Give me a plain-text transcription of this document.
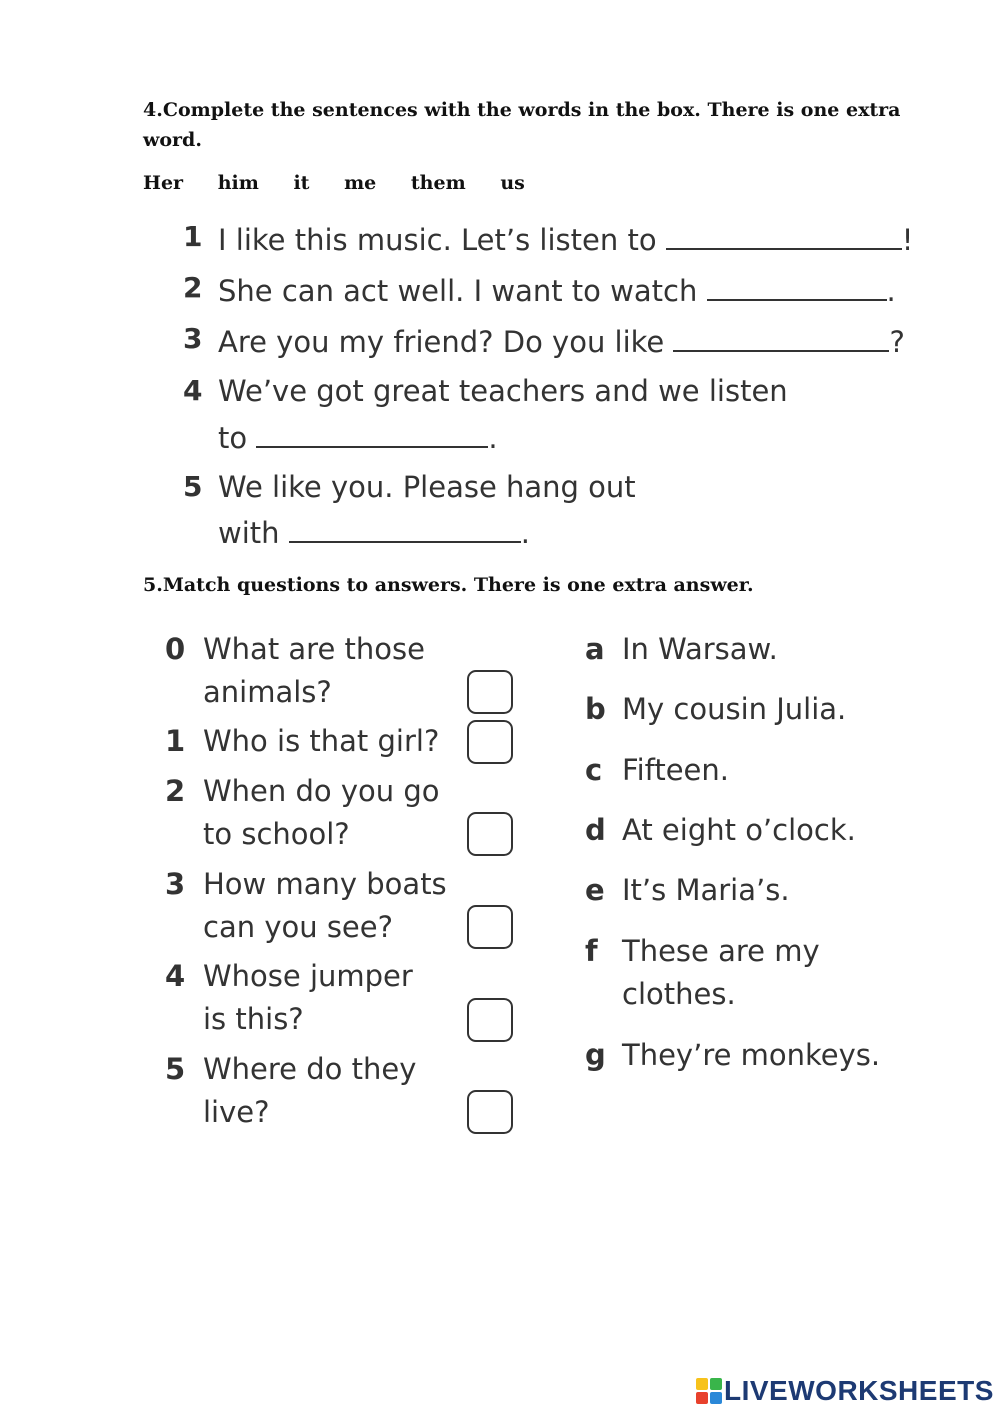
4.Complete the sentences with the words in the box. There is one extra word.
Her him it me them us
1 I like this music. Let’s listen to	!
2 She can act well. I want to watch	.
3 Are you my friend? Do you like	?
4 We’ve got great teachers and we listen
to	.
5 We like you. Please hang out
with	.
5.Match questions to answers. There is one extra answer.
0 What are those
animals?
1 Who is that girl?
2 When do you go
to school?
3 How many boats
can you see?
4 Whose jumper
is this?
5 Where do they
live?
a In Warsaw.
b My cousin Julia.
c Fifteen.
d At eight o’clock.
e It’s Maria’s.
f These are my
clothes.
g They’re monkeys.
LIVEWORKSHEETS
